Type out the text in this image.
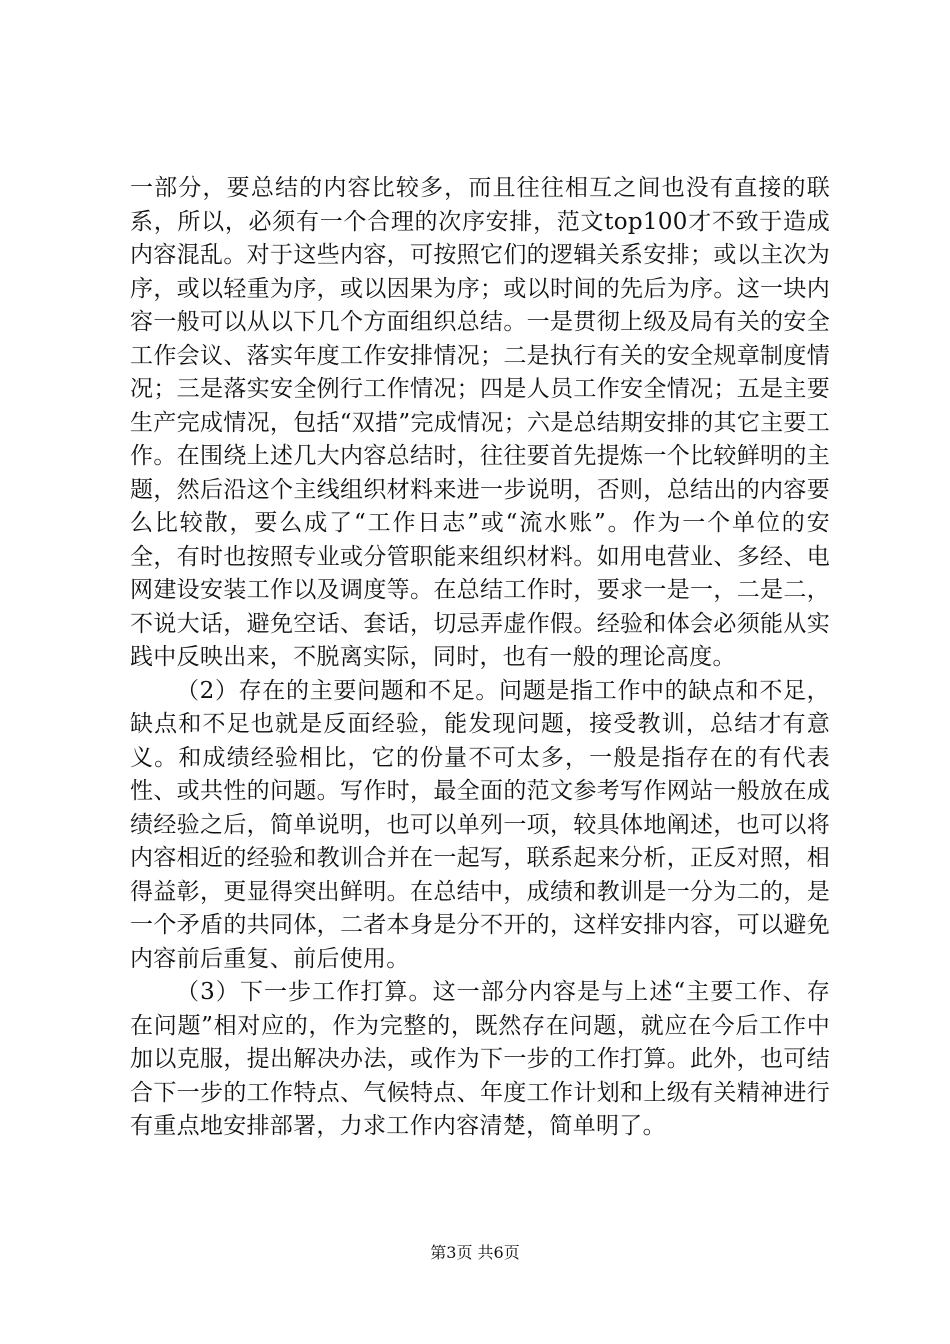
一部分，要总结的内容比较多，而且往往相互之间也没有直接的联系，所以，必须有一个合理的次序安排，范文top100才不致于造成内容混乱。对于这些内容，可按照它们的逻辑关系安排；或以主次为序，或以轻重为序，或以因果为序；或以时间的先后为序。这一块内容一般可以从以下几个方面组织总结。一是贯彻上级及局有关的安全工作会议、落实年度工作安排情况；二是执行有关的安全规章制度情况；三是落实安全例行工作情况；四是人员工作安全情况；五是主要生产完成情况，包括“双措”完成情况；六是总结期安排的其它主要工作。在围绕上述几大内容总结时，往往要首先提炼一个比较鲜明的主题，然后沿这个主线组织材料来进一步说明，否则，总结出的内容要么比较散，要么成了“工作日志”或“流水账”。作为一个单位的安全，有时也按照专业或分管职能来组织材料。如用电营业、多经、电网建设安装工作以及调度等。在总结工作时，要求一是一，二是二，不说大话，避免空话、套话，切忌弄虚作假。经验和体会必须能从实践中反映出来，不脱离实际，同时，也有一般的理论高度。

（2）存在的主要问题和不足。问题是指工作中的缺点和不足，缺点和不足也就是反面经验，能发现问题，接受教训，总结才有意义。和成绩经验相比，它的份量不可太多，一般是指存在的有代表性、或共性的问题。写作时，最全面的范文参考写作网站一般放在成绩经验之后，简单说明，也可以单列一项，较具体地阐述，也可以将内容相近的经验和教训合并在一起写，联系起来分析，正反对照，相得益彰，更显得突出鲜明。在总结中，成绩和教训是一分为二的，是一个矛盾的共同体，二者本身是分不开的，这样安排内容，可以避免内容前后重复、前后使用。

（3）下一步工作打算。这一部分内容是与上述“主要工作、存在问题”相对应的，作为完整的，既然存在问题，就应在今后工作中加以克服，提出解决办法，或作为下一步的工作打算。此外，也可结合下一步的工作特点、气候特点、年度工作计划和上级有关精神进行有重点地安排部署，力求工作内容清楚，简单明了。

第3页 共6页
